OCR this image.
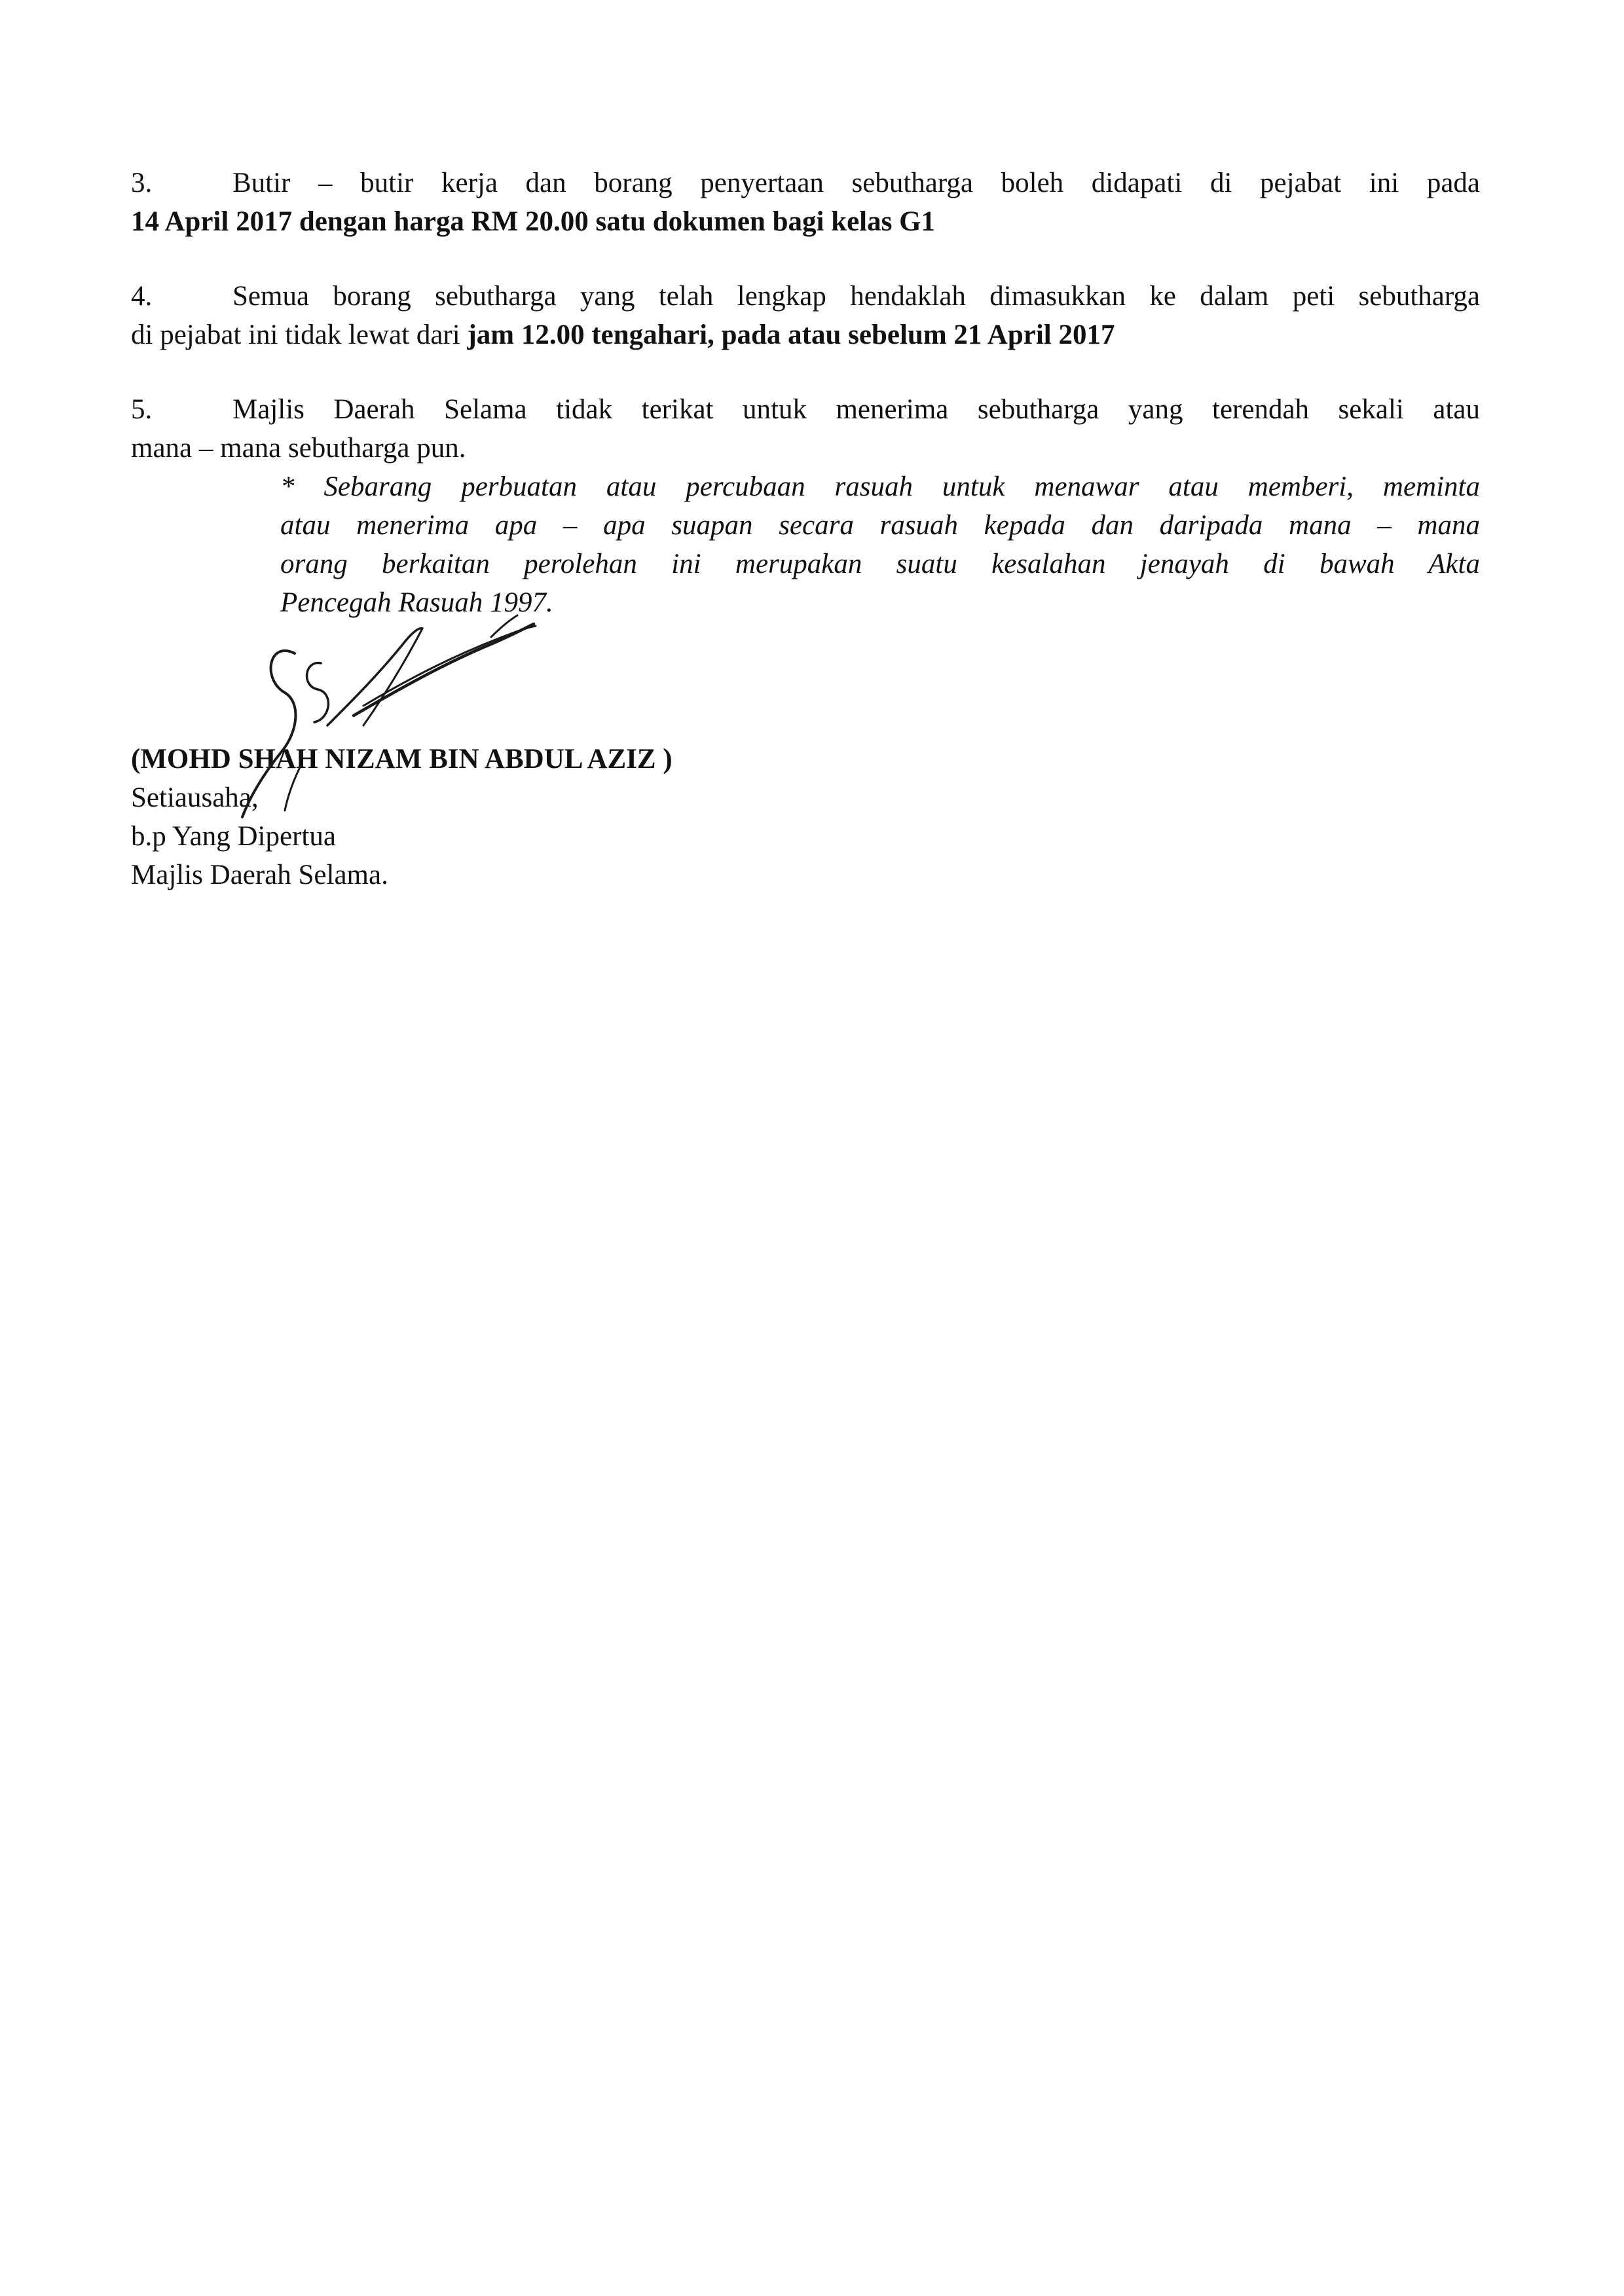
3.	Butir – butir kerja dan borang penyertaan sebutharga boleh didapati di pejabat ini pada
14 April 2017 dengan harga RM 20.00 satu dokumen bagi kelas G1
4.	Semua borang sebutharga yang telah lengkap hendaklah dimasukkan ke dalam peti sebutharga
di pejabat ini tidak lewat dari jam 12.00 tengahari, pada atau sebelum 21 April 2017
5.	Majlis Daerah Selama tidak terikat untuk menerima sebutharga yang terendah sekali atau
mana – mana sebutharga pun.
* Sebarang perbuatan atau percubaan rasuah untuk menawar atau memberi, meminta
atau menerima apa – apa suapan secara rasuah kepada dan daripada mana – mana
orang berkaitan perolehan ini merupakan suatu kesalahan jenayah di bawah Akta
Pencegah Rasuah 1997.
(MOHD SHAH NIZAM BIN ABDUL AZIZ )
Setiausaha,
b.p Yang Dipertua
Majlis Daerah Selama.
